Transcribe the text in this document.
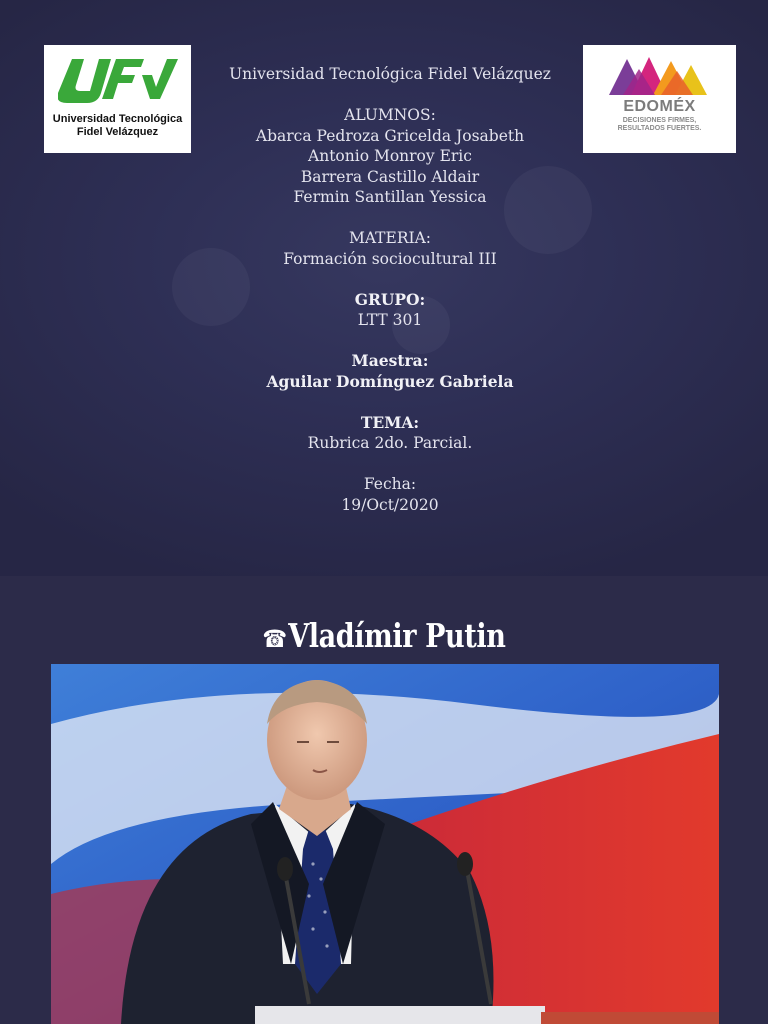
Universidad Tecnológica
Fidel Velázquez
EDOMÉX
DECISIONES FIRMES,
RESULTADOS FUERTES.
Universidad Tecnológica Fidel Velázquez
ALUMNOS:
Abarca Pedroza Gricelda Josabeth
Antonio Monroy Eric
Barrera Castillo Aldair
Fermin Santillan Yessica
MATERIA:
Formación sociocultural III
GRUPO:
LTT 301
Maestra:
Aguilar Domínguez Gabriela
TEMA:
Rubrica 2do. Parcial.
Fecha:
19/Oct/2020
☎Vladímir Putin
